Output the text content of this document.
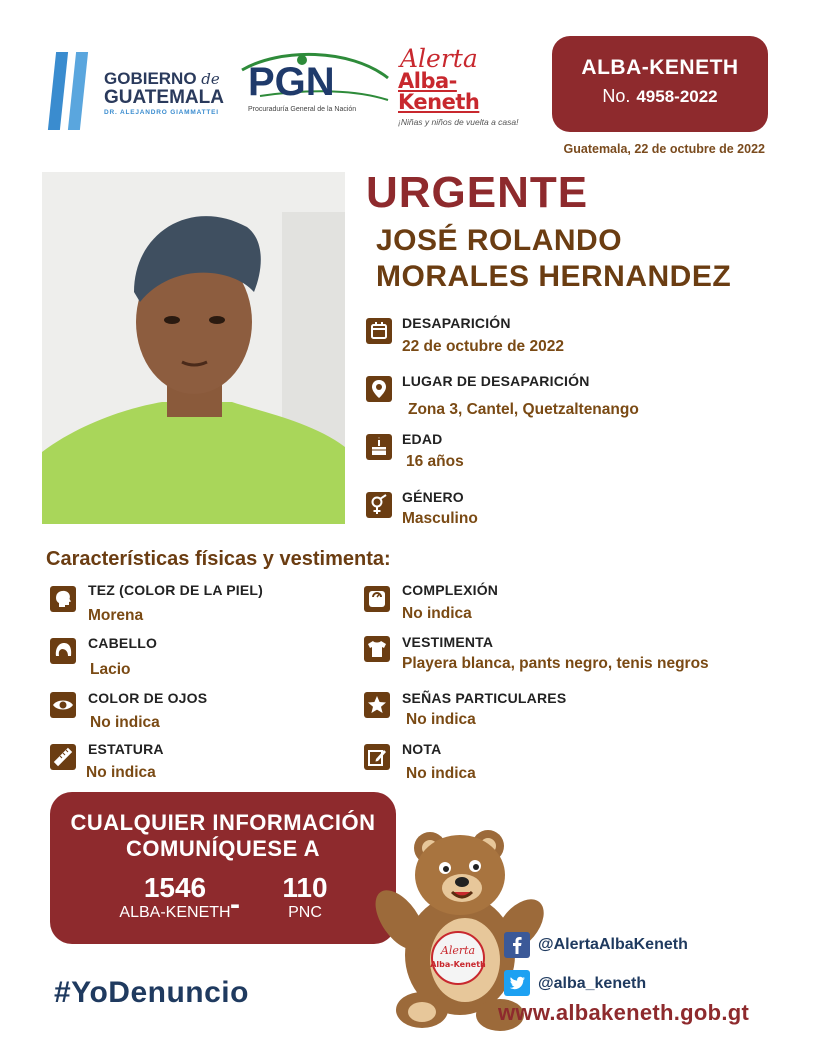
GOBIERNO de
GUATEMALA
DR. ALEJANDRO GIAMMATTEI
PGN
Procuraduría General de la Nación
Alerta
Alba-Keneth
¡Niñas y niños de vuelta a casa!
ALBA-KENETH
No. 4958-2022
Guatemala, 22 de octubre de 2022
URGENTE
JOSÉ ROLANDO
MORALES HERNANDEZ
DESAPARICIÓN
22 de octubre de 2022
LUGAR DE DESAPARICIÓN
Zona 3, Cantel, Quetzaltenango
EDAD
16 años
GÉNERO
Masculino
Características físicas y vestimenta:
TEZ (COLOR DE LA PIEL)
Morena
CABELLO
Lacio
COLOR DE OJOS
No indica
ESTATURA
No indica
COMPLEXIÓN
No indica
VESTIMENTA
Playera blanca, pants negro, tenis negros
SEÑAS PARTICULARES
No indica
NOTA
No indica
CUALQUIER INFORMACIÓN
COMUNÍQUESE A
1546
ALBA-KENETH -
110
PNC
Alerta
Alba-Keneth
#YoDenuncio
@AlertaAlbaKeneth
@alba_keneth
www.albakeneth.gob.gt
